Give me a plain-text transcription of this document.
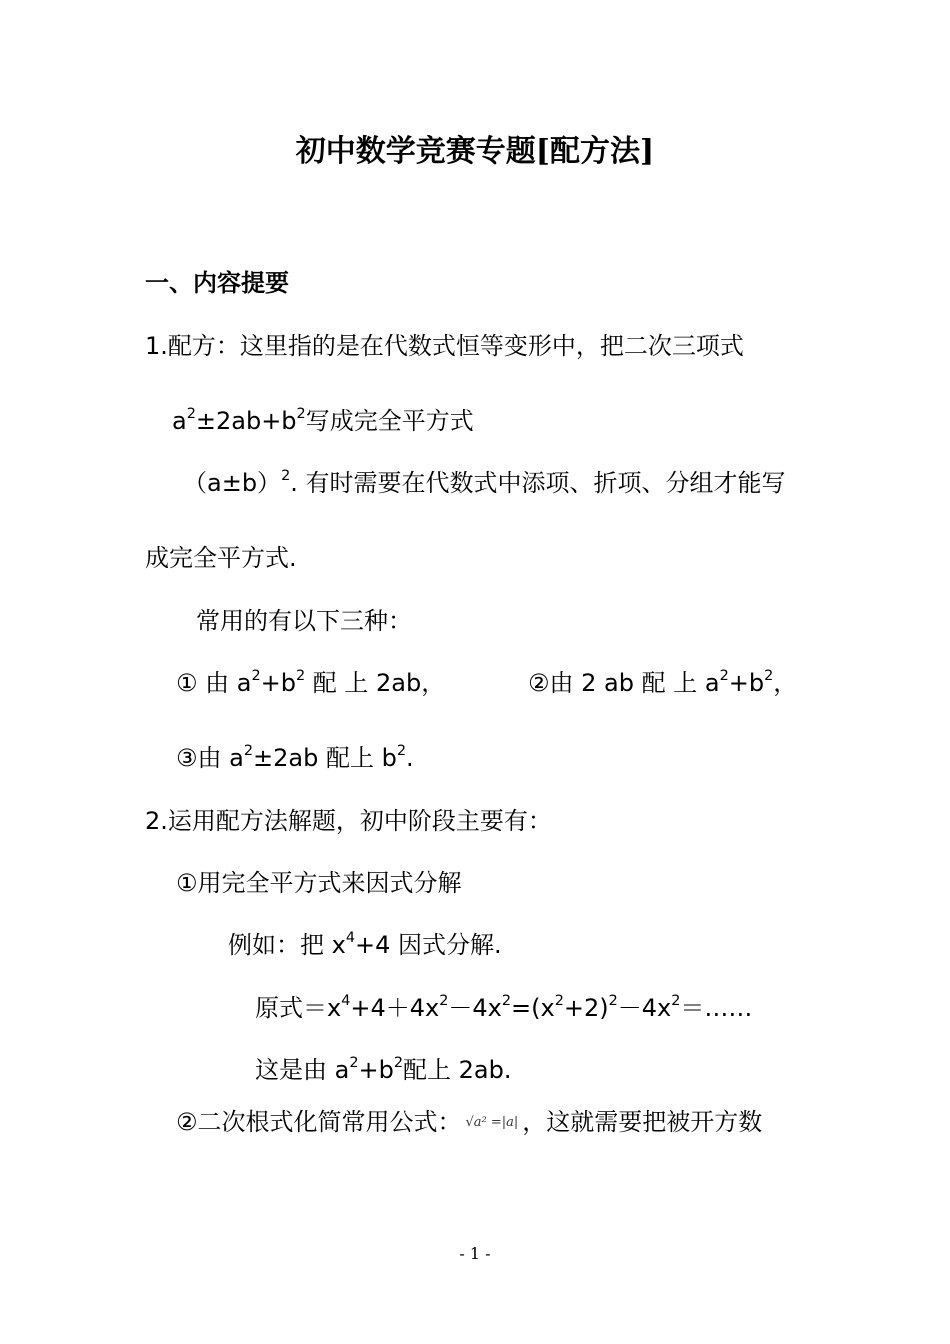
初中数学竞赛专题[配方法]
一、内容提要
1.配方：这里指的是在代数式恒等变形中，把二次三项式
$a^2\pm 2ab+b^2$写成完全平方式
$(a\pm b)^2$. 有时需要在代数式中添项、折项、分组才能写
成完全平方式.
常用的有以下三种：
① 由 $a^2+b^2$ 配 上 2ab，	②由 2 ab 配 上 $a^2+b^2$，
③由 $a^2\pm 2ab$ 配上 $b^2$.
2.运用配方法解题，初中阶段主要有：
①用完全平方式来因式分解
例如：把 $x^4+4$ 因式分解.
原式$=x^4+4+4x^2-4x^2=(x^2+2)^2-4x^2=\dots\dots$
这是由 $a^2+b^2$配上 2ab.
②二次根式化简常用公式： √a² =|a| ，这就需要把被开方数
- 1 -
